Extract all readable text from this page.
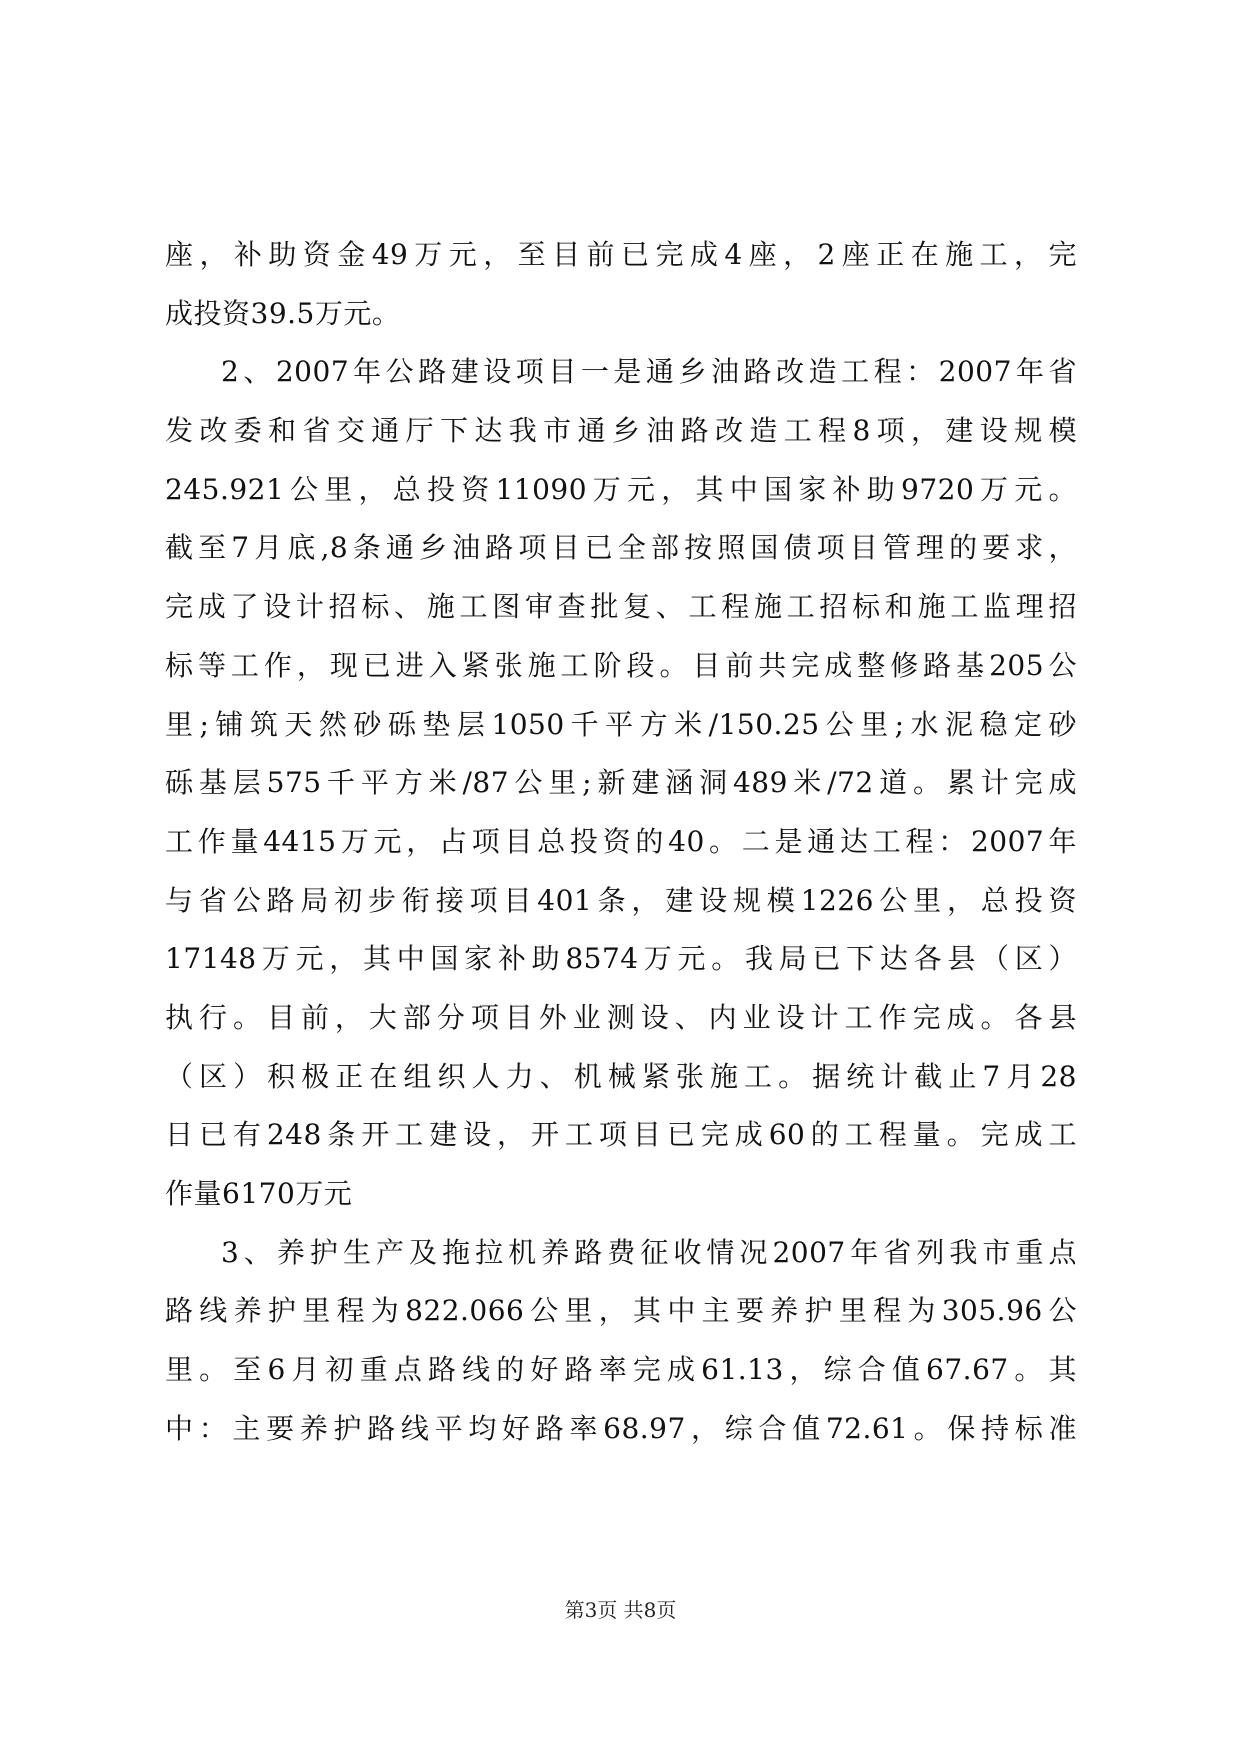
座，补助资金49万元，至目前已完成4座，2座正在施工，完
成投资39.5万元。
2、2007年公路建设项目一是通乡油路改造工程：2007年省
发改委和省交通厅下达我市通乡油路改造工程8项，建设规模
245.921公里，总投资11090万元，其中国家补助9720万元。
截至7月底,8条通乡油路项目已全部按照国债项目管理的要求，
完成了设计招标、施工图审查批复、工程施工招标和施工监理招
标等工作，现已进入紧张施工阶段。目前共完成整修路基205公
里;铺筑天然砂砾垫层1050千平方米/150.25公里;水泥稳定砂
砾基层575千平方米/87公里;新建涵洞489米/72道。累计完成
工作量4415万元，占项目总投资的40。二是通达工程：2007年
与省公路局初步衔接项目401条，建设规模1226公里，总投资
17148万元，其中国家补助8574万元。我局已下达各县（区）
执行。目前，大部分项目外业测设、内业设计工作完成。各县
（区）积极正在组织人力、机械紧张施工。据统计截止7月28
日已有248条开工建设，开工项目已完成60的工程量。完成工
作量6170万元
3、养护生产及拖拉机养路费征收情况2007年省列我市重点
路线养护里程为822.066公里，其中主要养护里程为305.96公
里。至6月初重点路线的好路率完成61.13，综合值67.67。其
中：主要养护路线平均好路率68.97，综合值72.61。保持标准
第3页 共8页
